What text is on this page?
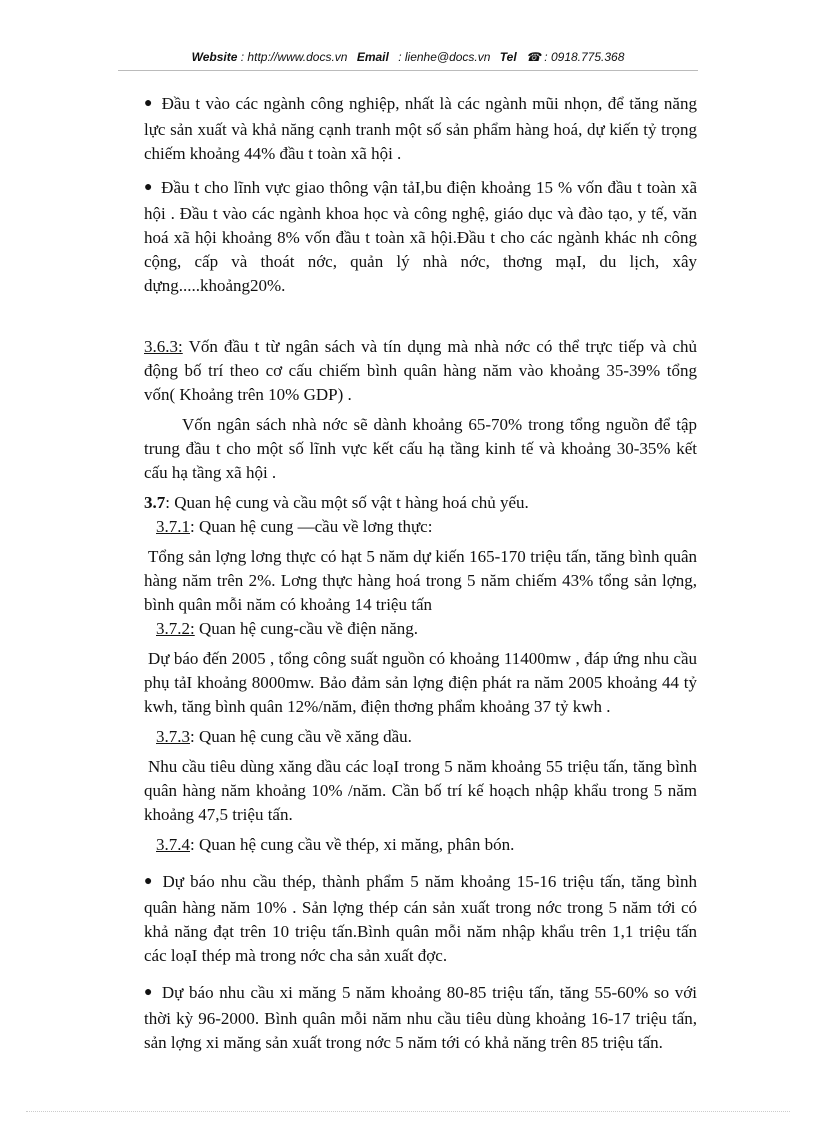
Website : http://www.docs.vn Email : lienhe@docs.vn Tel ☎ : 0918.775.368

● Đầu t vào các ngành công nghiệp, nhất là các ngành mũi nhọn, để tăng năng lực sản xuất và khả năng cạnh tranh một số sản phẩm hàng hoá, dự kiến tỷ trọng chiếm khoảng 44% đầu t toàn xã hội .

● Đầu t cho lĩnh vực giao thông vận tảI,bu điện khoảng 15 % vốn đầu t toàn xã hội . Đầu t vào các ngành khoa học và công nghệ, giáo dục và đào tạo, y tế, văn hoá xã hội khoảng 8% vốn đầu t toàn xã hội.Đầu t cho các ngành khác nh công cộng, cấp và thoát nớc, quản lý nhà nớc, thơng mạI, du lịch, xây dựng.....khoảng20%.

3.6.3: Vốn đầu t từ ngân sách và tín dụng mà nhà nớc có thể trực tiếp và chủ động bố trí theo cơ cấu chiếm bình quân hàng năm vào khoảng 35-39% tổng vốn( Khoảng trên 10% GDP) .

Vốn ngân sách nhà nớc sẽ dành khoảng 65-70% trong tổng nguồn để tập trung đầu t cho một số lĩnh vực kết cấu hạ tầng kinh tế và khoảng 30-35% kết cấu hạ tầng xã hội .

3.7: Quan hệ cung và cầu một số vật t hàng hoá chủ yếu.

3.7.1: Quan hệ cung —cầu về lơng thực:

Tổng sản lợng lơng thực có hạt 5 năm dự kiến 165-170 triệu tấn, tăng bình quân hàng năm trên 2%. Lơng thực hàng hoá trong 5 năm chiếm 43% tổng sản lợng, bình quân mỗi năm có khoảng 14 triệu tấn

3.7.2: Quan hệ cung-cầu về điện năng.

Dự báo đến 2005 , tổng công suất nguồn có khoảng 11400mw , đáp ứng nhu cầu phụ tảI khoảng 8000mw. Bảo đảm sản lợng điện phát ra năm 2005 khoảng 44 tỷ kwh, tăng bình quân 12%/năm, điện thơng phẩm khoảng 37 tỷ kwh .

3.7.3: Quan hệ cung cầu về xăng dầu.

Nhu cầu tiêu dùng xăng dầu các loạI trong 5 năm khoảng 55 triệu tấn, tăng bình quân hàng năm khoảng 10% /năm. Cần bố trí kế hoạch nhập khẩu trong 5 năm khoảng 47,5 triệu tấn.

3.7.4: Quan hệ cung cầu về thép, xi măng, phân bón.

● Dự báo nhu cầu thép, thành phẩm 5 năm khoảng 15-16 triệu tấn, tăng bình quân hàng năm 10% . Sản lợng thép cán sản xuất trong nớc trong 5 năm tới có khả năng đạt trên 10 triệu tấn.Bình quân mỗi năm nhập khẩu trên 1,1 triệu tấn các loạI thép mà trong nớc cha sản xuất đợc.

● Dự báo nhu cầu xi măng 5 năm khoảng 80-85 triệu tấn, tăng 55-60% so với thời kỳ 96-2000. Bình quân mỗi năm nhu cầu tiêu dùng khoảng 16-17 triệu tấn, sản lợng xi măng sản xuất trong nớc 5 năm tới có khả năng trên 85 triệu tấn.
